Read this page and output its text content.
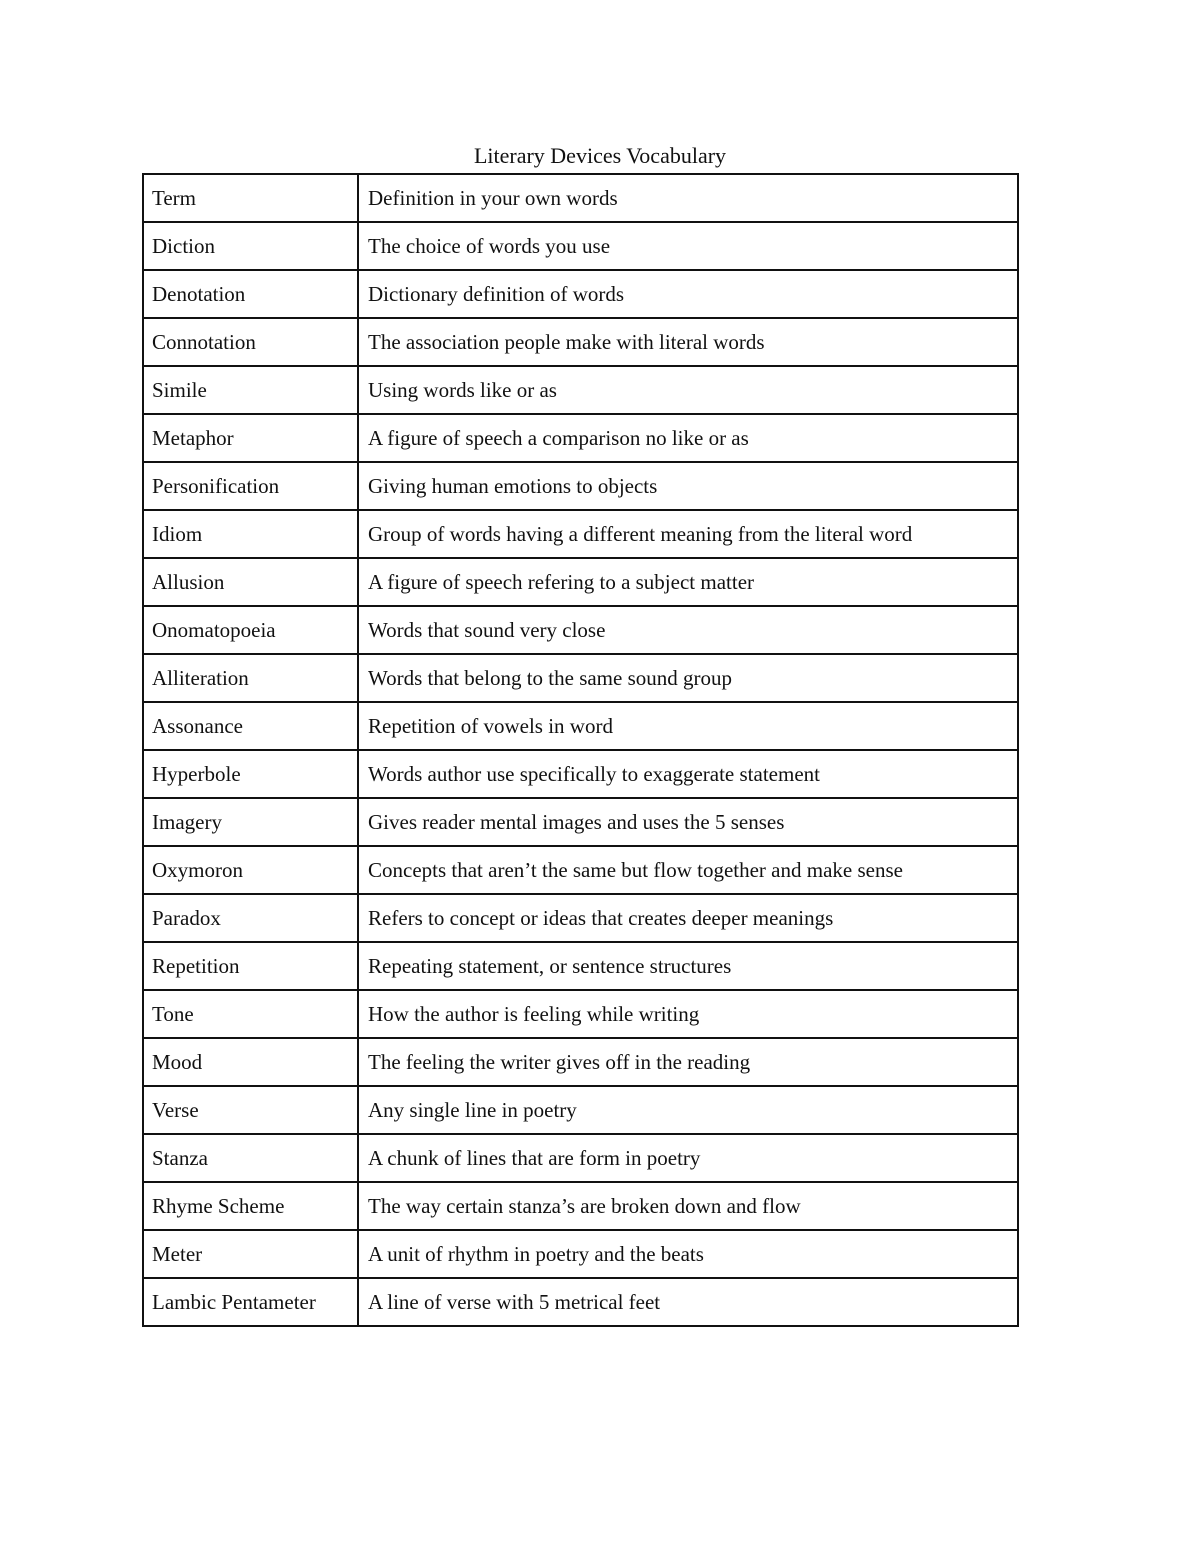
Literary Devices Vocabulary
Term	Definition in your own words
Diction	The choice of words you use
Denotation	Dictionary definition of words
Connotation	The association people make with literal words
Simile	Using words like or as
Metaphor	A figure of speech a comparison no like or as
Personification	Giving human emotions to objects
Idiom	Group of words having a different meaning from the literal word
Allusion	A figure of speech refering to a subject matter
Onomatopoeia	Words that sound very close
Alliteration	Words that belong to the same sound group
Assonance	Repetition of vowels in word
Hyperbole	Words author use specifically to exaggerate statement
Imagery	Gives reader mental images and uses the 5 senses
Oxymoron	Concepts that aren’t the same but flow together and make sense
Paradox	Refers to concept or ideas that creates deeper meanings
Repetition	Repeating statement, or sentence structures
Tone	How the author is feeling while writing
Mood	The feeling the writer gives off in the reading
Verse	Any single line in poetry
Stanza	A chunk of lines that are form in poetry
Rhyme Scheme	The way certain stanza’s are broken down and flow
Meter	A unit of rhythm in poetry and the beats
Lambic Pentameter	A line of verse with 5 metrical feet
